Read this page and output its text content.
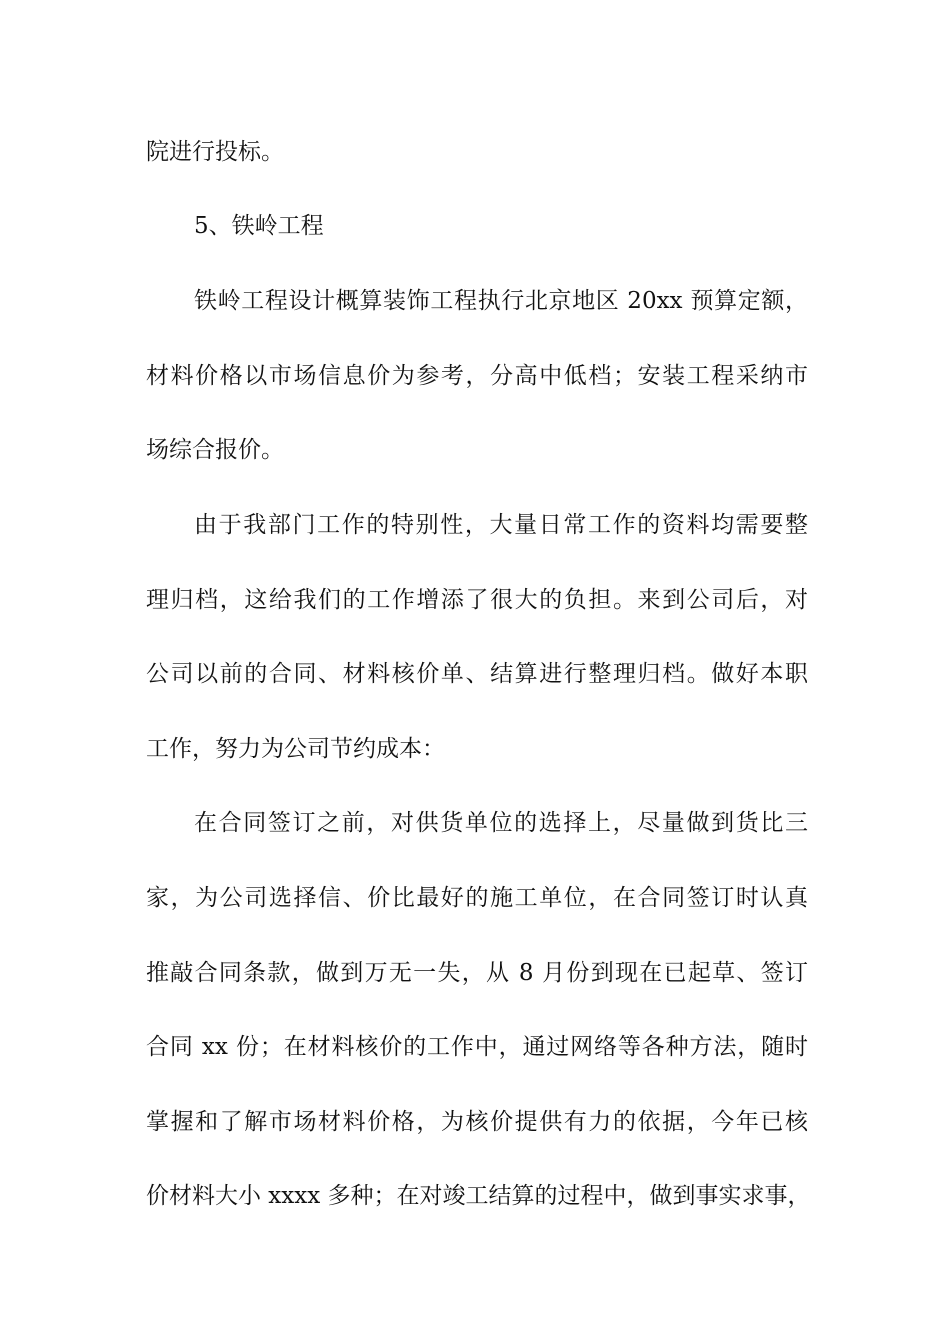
院进行投标。
5、铁岭工程
铁岭工程设计概算装饰工程执行北京地区 20xx 预算定额，
材料价格以市场信息价为参考，分高中低档；安装工程采纳市
场综合报价。
由于我部门工作的特别性，大量日常工作的资料均需要整
理归档，这给我们的工作增添了很大的负担。来到公司后，对
公司以前的合同、材料核价单、结算进行整理归档。做好本职
工作，努力为公司节约成本：
在合同签订之前，对供货单位的选择上，尽量做到货比三
家，为公司选择信、价比最好的施工单位，在合同签订时认真
推敲合同条款，做到万无一失，从 8 月份到现在已起草、签订
合同 xx 份；在材料核价的工作中，通过网络等各种方法，随时
掌握和了解市场材料价格，为核价提供有力的依据，今年已核
价材料大小 xxxx 多种；在对竣工结算的过程中，做到事实求事，
